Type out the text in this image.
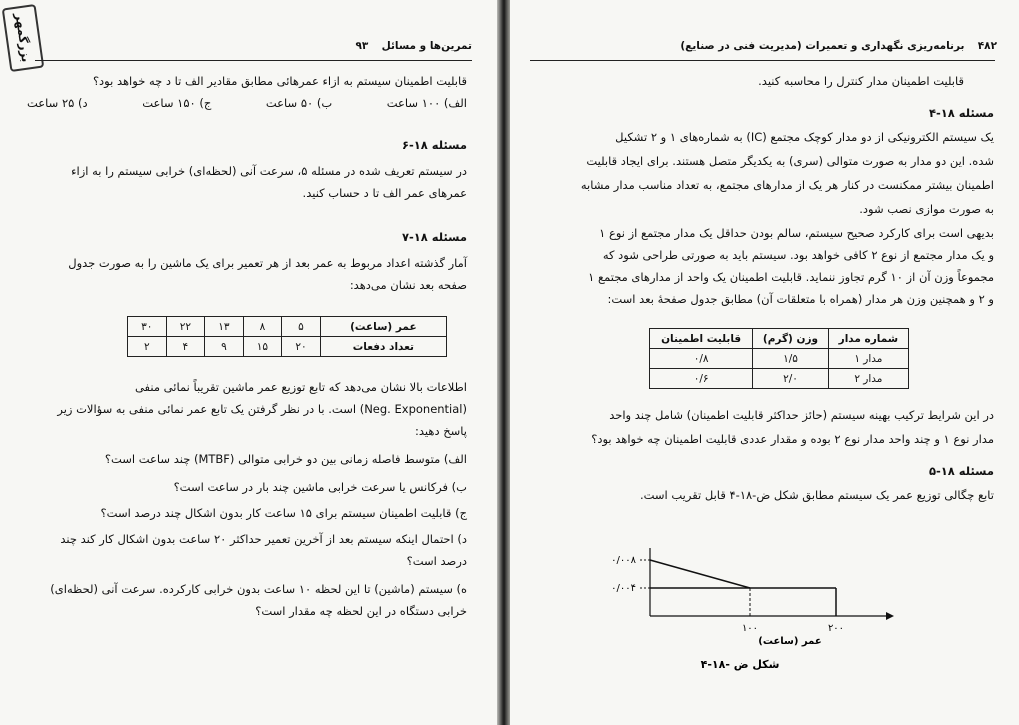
بزرگمهر	تمرین‌ها و مسائل  ۹۳
قابلیت اطمینان سیستم به ازاء عمرهائی مطابق مقادیر الف تا د چه خواهد بود؟
الف) ۱۰۰ ساعت
ب) ۵۰ ساعت
ج) ۱۵۰ ساعت
د) ۲۵ ساعت
مسئله ۱۸-۶
در سیستم تعریف شده در مسئله ۵، سرعت آنی (لحظه‌ای) خرابی سیستم را به ازاء
عمرهای عمر الف تا د حساب کنید.
مسئله ۱۸-۷
آمار گذشته اعداد مربوط به عمر بعد از هر تعمیر برای یک ماشین را به صورت جدول
صفحه بعد نشان می‌دهد:
عمر (ساعت)	۵	۸	۱۳	۲۲	۳۰
تعداد دفعات	۲۰	۱۵	۹	۴	۲
اطلاعات بالا نشان می‌دهد که تابع توزیع عمر ماشین تقریباً نمائی منفی
(Neg. Exponential) است. با در نظر گرفتن یک تابع عمر نمائی منفی به سؤالات زیر
پاسخ دهید:
الف) متوسط فاصله زمانی بین دو خرابی متوالی (MTBF) چند ساعت است؟
ب) فرکانس یا سرعت خرابی ماشین چند بار در ساعت است؟
ج) قابلیت اطمینان سیستم برای ۱۵ ساعت کار بدون اشکال چند درصد است؟
د) احتمال اینکه سیستم بعد از آخرین تعمیر حداکثر ۲۰ ساعت بدون اشکال کار کند چند
درصد است؟
ه) سیستم (ماشین) تا این لحظه ۱۰ ساعت بدون خرابی کارکرده. سرعت آنی (لحظه‌ای)
خرابی دستگاه در این لحظه چه مقدار است؟
۴۸۲  برنامه‌ریزی نگهداری و تعمیرات (مدیریت فنی در صنایع)
قابلیت اطمینان مدار کنترل را محاسبه کنید.
مسئله ۱۸-۴
یک سیستم الکترونیکی از دو مدار کوچک مجتمع (IC) به شماره‌های ۱ و ۲ تشکیل
شده. این دو مدار به صورت متوالی (سری) به یکدیگر متصل هستند. برای ایجاد قابلیت
اطمینان بیشتر ممکنست در کنار هر یک از مدارهای مجتمع، به تعداد مناسب مدار مشابه
به صورت موازی نصب شود.
بدیهی است برای کارکرد صحیح سیستم، سالم بودن حداقل یک مدار مجتمع از نوع ۱
و یک مدار مجتمع از نوع ۲ کافی خواهد بود. سیستم باید به صورتی طراحی شود که
مجموعاً وزن آن از ۱۰ گرم تجاوز ننماید. قابلیت اطمینان یک واحد از مدارهای مجتمع ۱
و ۲ و همچنین وزن هر مدار (همراه با متعلقات آن) مطابق جدول صفحهٔ بعد است:
شماره مدار	وزن (گرم)	قابلیت اطمینان
مدار ۱	۱/۵	۰/۸
مدار ۲	۲/۰	۰/۶
در این شرایط ترکیب بهینه سیستم (حائز حداکثر قابلیت اطمینان) شامل چند واحد
مدار نوع ۱ و چند واحد مدار نوع ۲ بوده و مقدار عددی قابلیت اطمینان چه خواهد بود؟
مسئله ۱۸-۵
تابع چگالی توزیع عمر یک سیستم مطابق شکل ض-۱۸-۴ قابل تقریب است.
۰/۰۰۸
۰/۰۰۴
۱۰۰	۲۰۰
عمر (ساعت)
شکل ض -۱۸-۴
